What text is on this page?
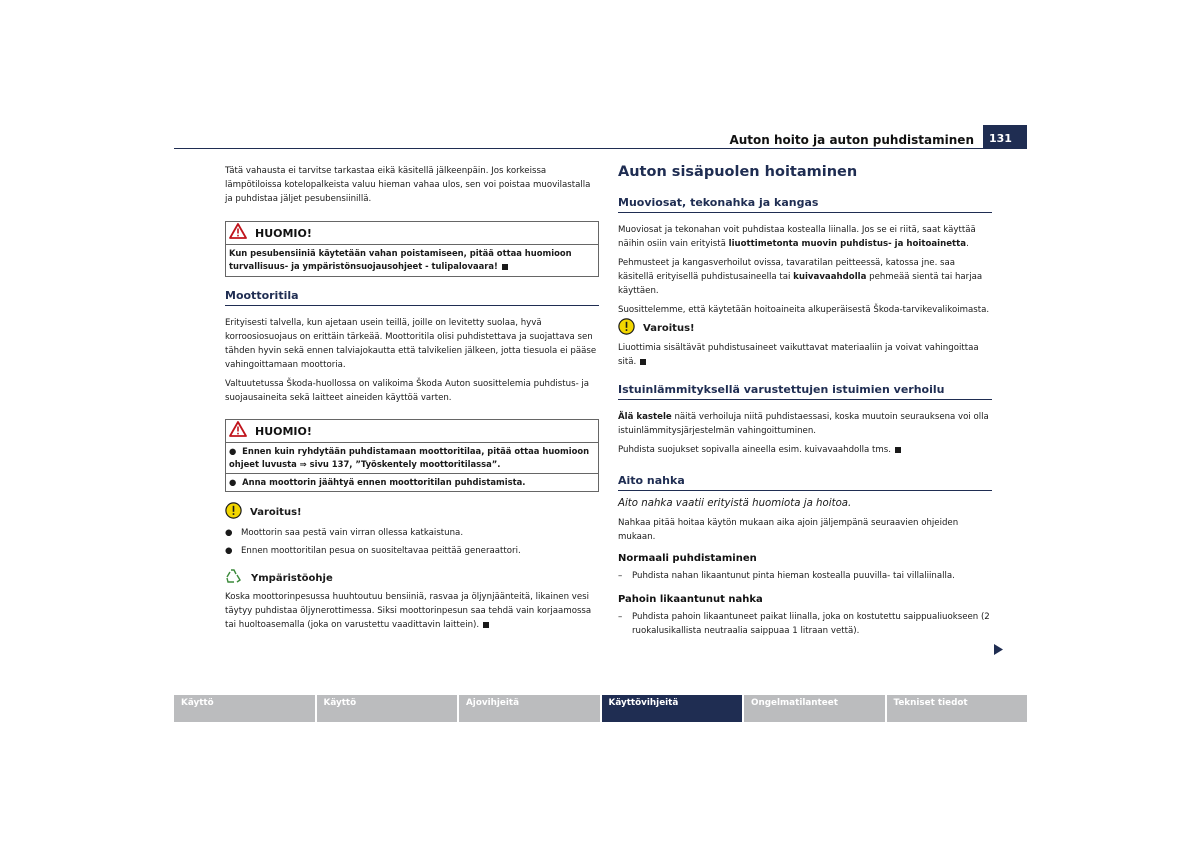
Auton hoito ja auton puhdistaminen	131

Tätä vahausta ei tarvitse tarkastaa eikä käsitellä jälkeenpäin. Jos korkeissa lämpötiloissa kotelopalkeista valuu hieman vahaa ulos, sen voi poistaa muovilastalla ja puhdistaa jäljet pesubensiinillä.

HUOMIO!
Kun pesubensiiniä käytetään vahan poistamiseen, pitää ottaa huomioon turvallisuus- ja ympäristönsuojausohjeet - tulipalovaara!
Moottoritila

Erityisesti talvella, kun ajetaan usein teillä, joille on levitetty suolaa, hyvä korroosiosuojaus on erittäin tärkeää. Moottoritila olisi puhdistettava ja suojattava sen tähden hyvin sekä ennen talviajokautta että talvikelien jälkeen, jotta tiesuola ei pääse vahingoittamaan moottoria.

Valtuutetussa Škoda-huollossa on valikoima Škoda Auton suosittelemia puhdistus- ja suojausaineita sekä laitteet aineiden käyttöä varten.

HUOMIO!
●  Ennen kuin ryhdytään puhdistamaan moottoritilaa, pitää ottaa huomioon ohjeet luvusta ⇒ sivu 137, ”Työskentely moottoritilassa”.
●  Anna moottorin jäähtyä ennen moottoritilan puhdistamista.
Varoitus!
● Moottorin saa pestä vain virran ollessa katkaistuna.
● Ennen moottoritilan pesua on suositeltavaa peittää generaattori.
Ympäristöohje

Koska moottorinpesussa huuhtoutuu bensiiniä, rasvaa ja öljynjäänteitä, likainen vesi täytyy puhdistaa öljynerottimessa. Siksi moottorinpesun saa tehdä vain korjaamossa tai huoltoasemalla (joka on varustettu vaadittavin laittein).

Auton sisäpuolen hoitaminen
Muoviosat, tekonahka ja kangas

Muoviosat ja tekonahan voit puhdistaa kostealla liinalla. Jos se ei riitä, saat käyttää näihin osiin vain erityistä liuottimetonta muovin puhdistus- ja hoitoainetta.

Pehmusteet ja kangasverhoilut ovissa, tavaratilan peitteessä, katossa jne. saa käsitellä erityisellä puhdistusaineella tai kuivavaahdolla pehmeää sientä tai harjaa käyttäen.

Suosittelemme, että käytetään hoitoaineita alkuperäisestä Škoda-tarvikevalikoimasta.

Varoitus!

Liuottimia sisältävät puhdistusaineet vaikuttavat materiaaliin ja voivat vahingoittaa sitä.

Istuinlämmityksellä varustettujen istuimien verhoilu

Älä kastele näitä verhoiluja niitä puhdistaessasi, koska muutoin seurauksena voi olla istuinlämmitysjärjestelmän vahingoittuminen.

Puhdista suojukset sopivalla aineella esim. kuivavaahdolla tms.

Aito nahka

Aito nahka vaatii erityistä huomiota ja hoitoa.

Nahkaa pitää hoitaa käytön mukaan aika ajoin jäljempänä seuraavien ohjeiden mukaan.

Normaali puhdistaminen
–	Puhdista nahan likaantunut pinta hieman kostealla puuvilla- tai villaliinalla.
Pahoin likaantunut nahka
–	Puhdista pahoin likaantuneet paikat liinalla, joka on kostutettu saippualiuokseen (2 ruokalusikallista neutraalia saippuaa 1 litraan vettä).
Käyttö	Käyttö	Ajovihjeitä	Käyttövihjeitä	Ongelmatilanteet	Tekniset tiedot
